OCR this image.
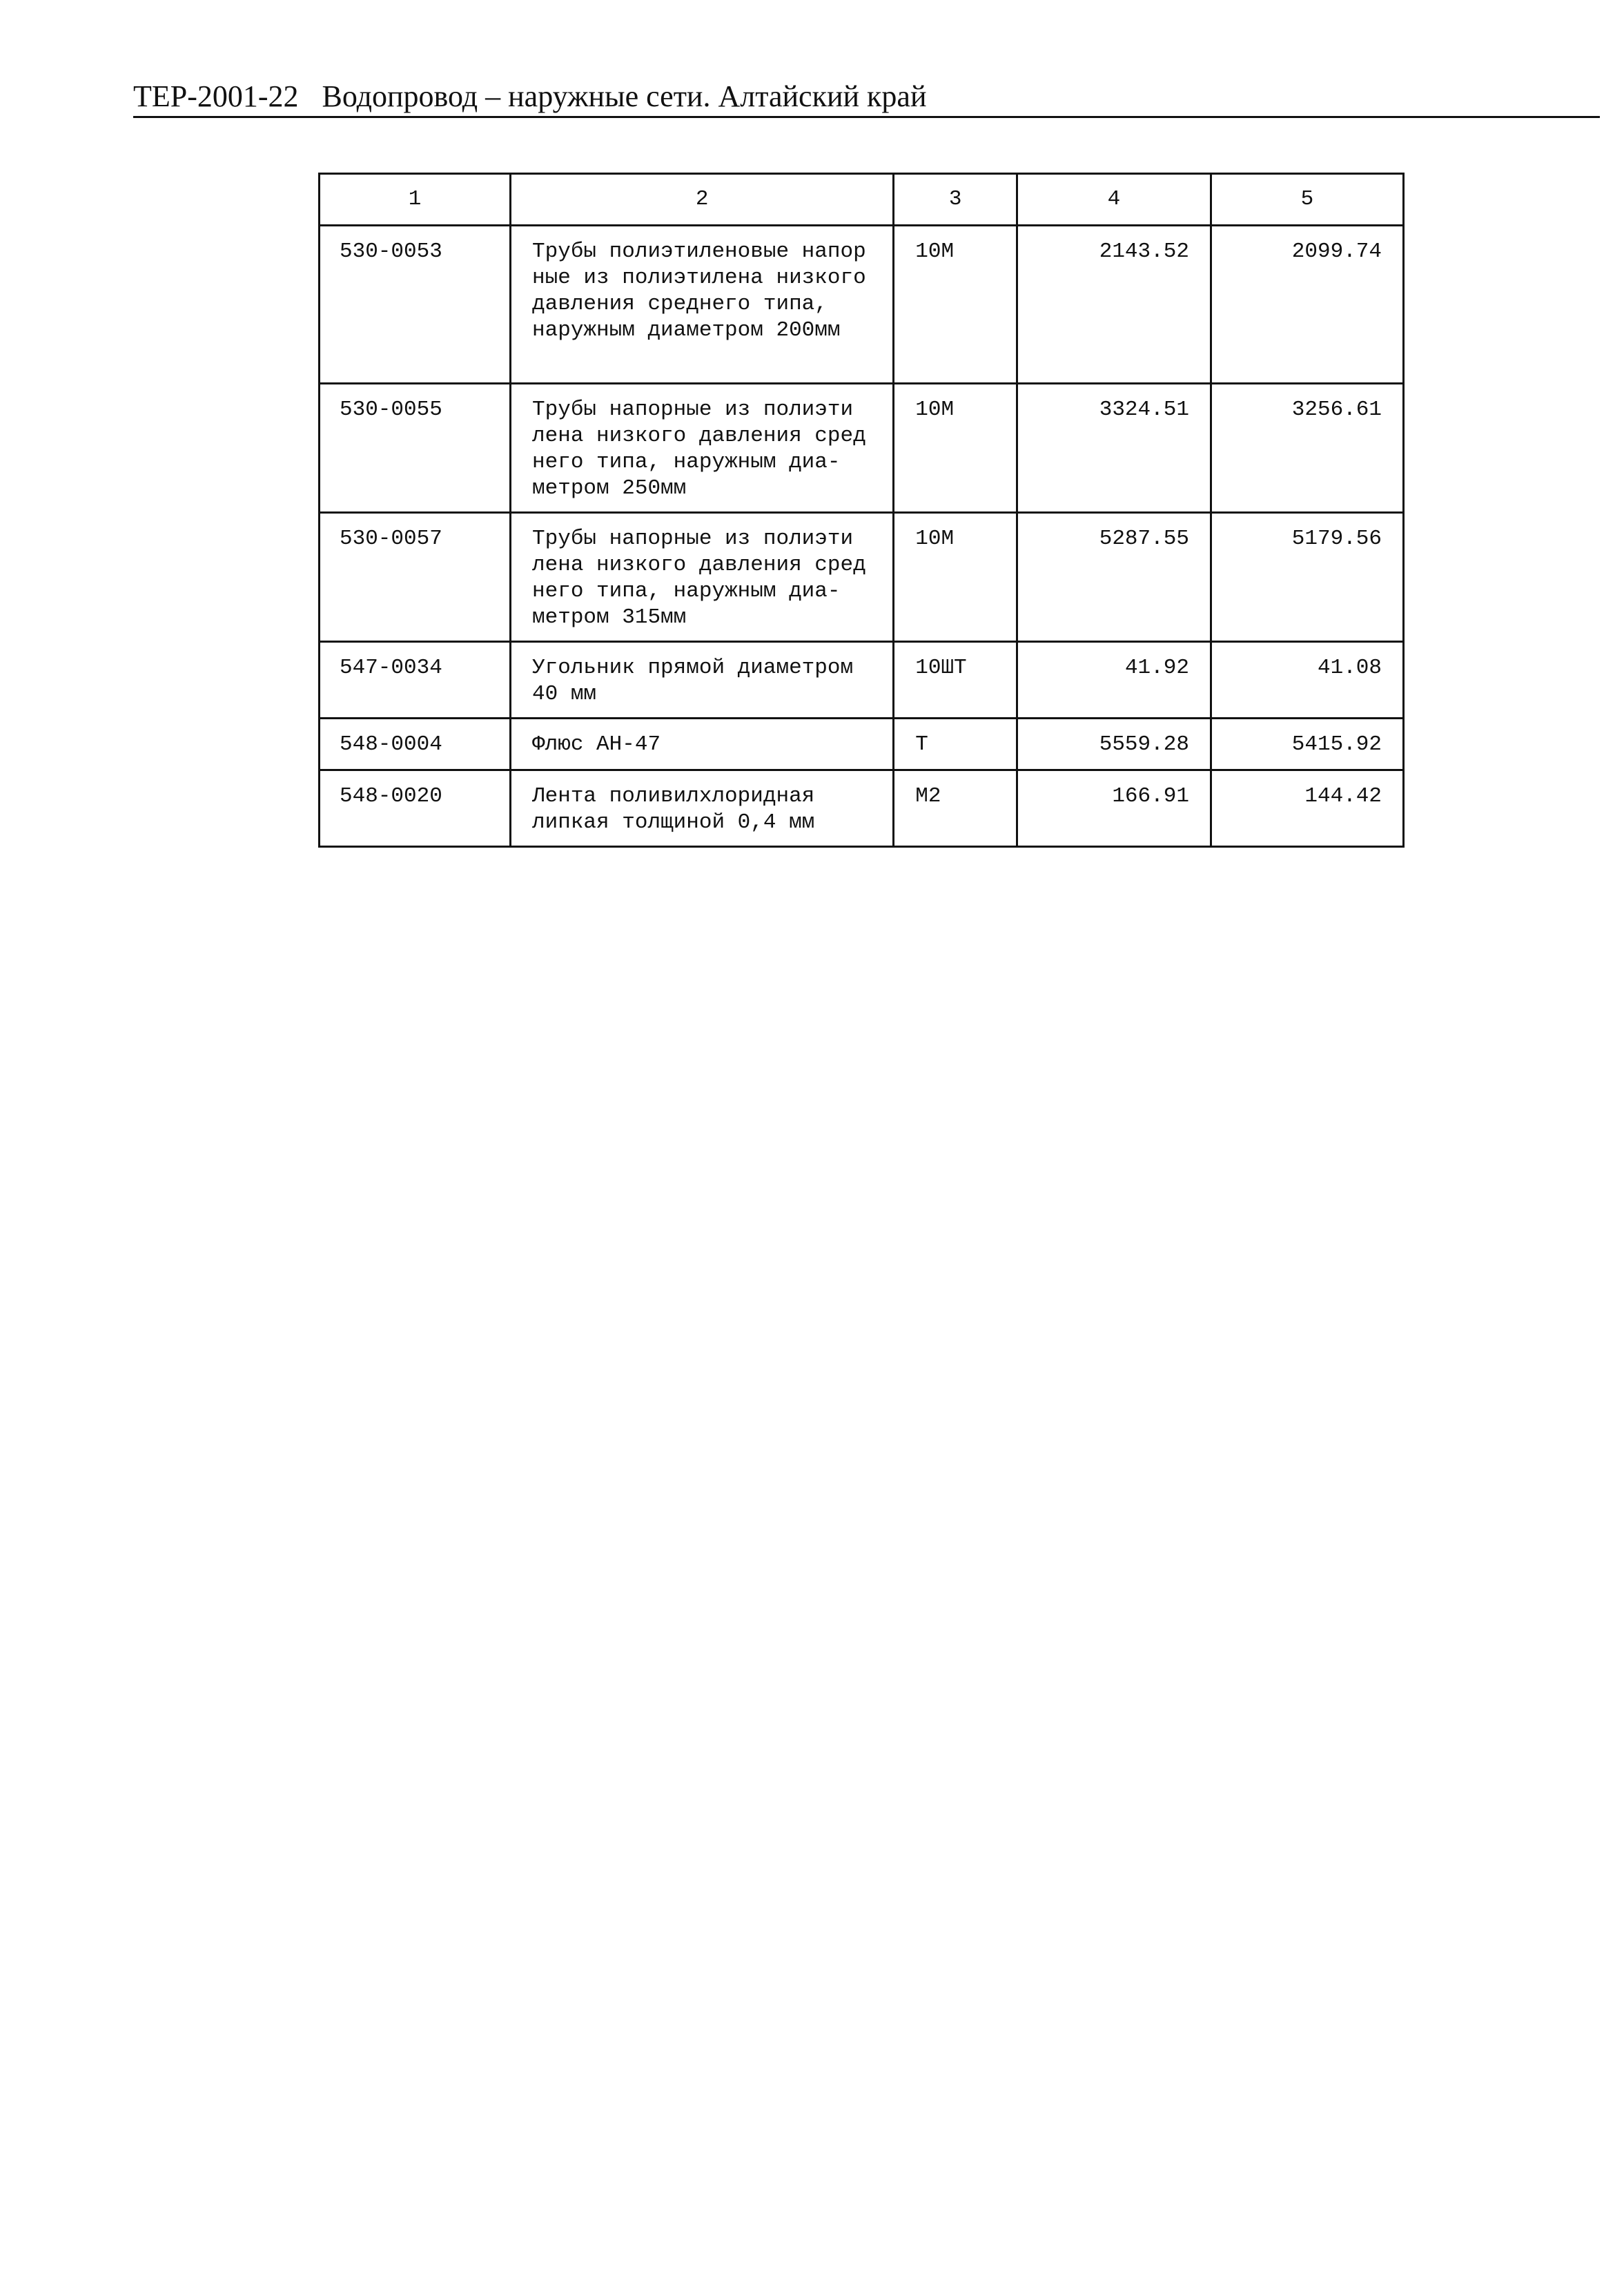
ТЕР-2001-22 Водопровод – наружные сети. Алтайский край
1	2	3	4	5

530-0053	Трубы полиэтиленовые напор
ные из полиэтилена низкого
давления среднего типа,
наружным диаметром 200мм	10М	2143.52	2099.74

530-0055	Трубы напорные из полиэти
лена низкого давления сред
него типа, наружным диа-
метром 250мм	10М	3324.51	3256.61

530-0057	Трубы напорные из полиэти
лена низкого давления сред
него типа, наружным диа-
метром 315мм	10М	5287.55	5179.56

547-0034	Угольник прямой диаметром
40 мм	10ШТ	41.92	41.08

548-0004	Флюс АН-47	Т	5559.28	5415.92

548-0020	Лента поливилхлоридная
липкая толщиной 0,4 мм	М2	166.91	144.42
